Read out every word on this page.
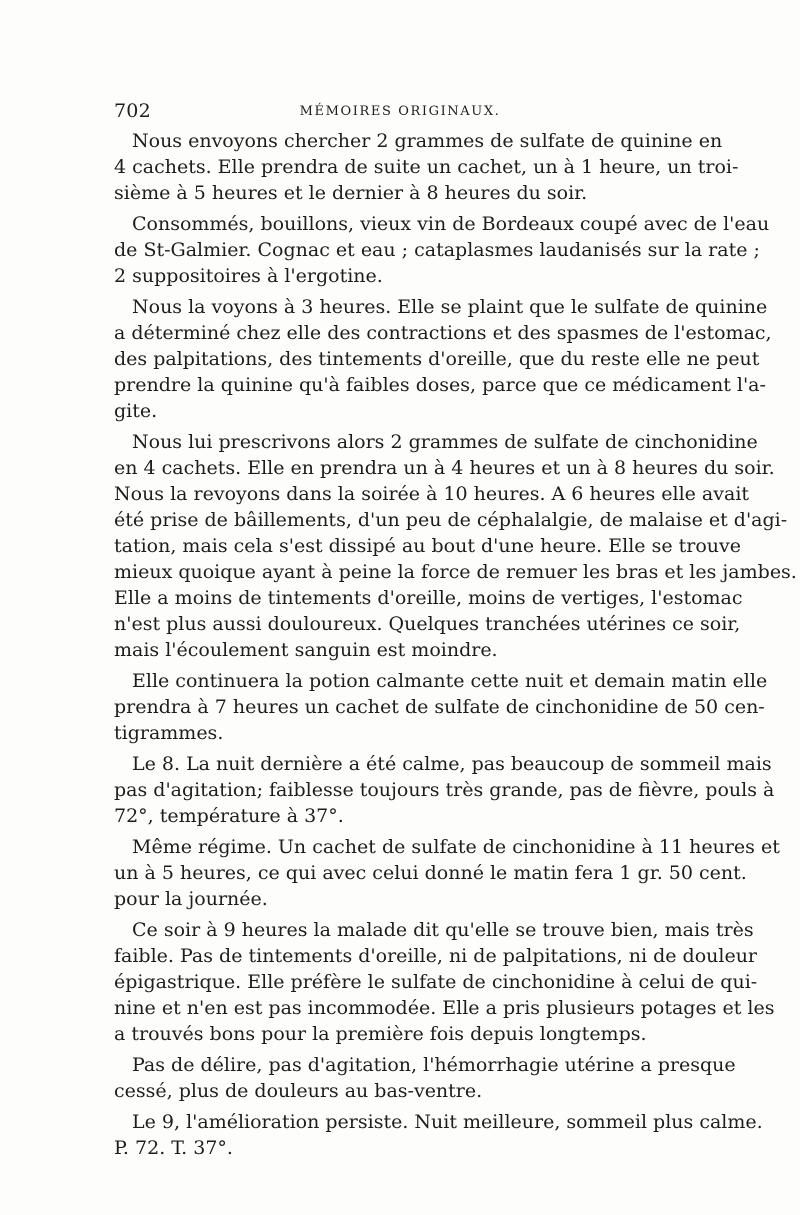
702	MÉMOIRES ORIGINAUX.
Nous envoyons chercher 2 grammes de sulfate de quinine en
4 cachets. Elle prendra de suite un cachet, un à 1 heure, un troi-
sième à 5 heures et le dernier à 8 heures du soir.
Consommés, bouillons, vieux vin de Bordeaux coupé avec de l'eau
de St-Galmier. Cognac et eau ; cataplasmes laudanisés sur la rate ;
2 suppositoires à l'ergotine.
Nous la voyons à 3 heures. Elle se plaint que le sulfate de quinine
a déterminé chez elle des contractions et des spasmes de l'estomac,
des palpitations, des tintements d'oreille, que du reste elle ne peut
prendre la quinine qu'à faibles doses, parce que ce médicament l'a-
gite.
Nous lui prescrivons alors 2 grammes de sulfate de cinchonidine
en 4 cachets. Elle en prendra un à 4 heures et un à 8 heures du soir.
Nous la revoyons dans la soirée à 10 heures. A 6 heures elle avait
été prise de bâillements, d'un peu de céphalalgie, de malaise et d'agi-
tation, mais cela s'est dissipé au bout d'une heure. Elle se trouve
mieux quoique ayant à peine la force de remuer les bras et les jambes.
Elle a moins de tintements d'oreille, moins de vertiges, l'estomac
n'est plus aussi douloureux. Quelques tranchées utérines ce soir,
mais l'écoulement sanguin est moindre.
Elle continuera la potion calmante cette nuit et demain matin elle
prendra à 7 heures un cachet de sulfate de cinchonidine de 50 cen-
tigrammes.
Le 8. La nuit dernière a été calme, pas beaucoup de sommeil mais
pas d'agitation; faiblesse toujours très grande, pas de fièvre, pouls à
72°, température à 37°.
Même régime. Un cachet de sulfate de cinchonidine à 11 heures et
un à 5 heures, ce qui avec celui donné le matin fera 1 gr. 50 cent.
pour la journée.
Ce soir à 9 heures la malade dit qu'elle se trouve bien, mais très
faible. Pas de tintements d'oreille, ni de palpitations, ni de douleur
épigastrique. Elle préfère le sulfate de cinchonidine à celui de qui-
nine et n'en est pas incommodée. Elle a pris plusieurs potages et les
a trouvés bons pour la première fois depuis longtemps.
Pas de délire, pas d'agitation, l'hémorrhagie utérine a presque
cessé, plus de douleurs au bas-ventre.
Le 9, l'amélioration persiste. Nuit meilleure, sommeil plus calme.
P. 72. T. 37°.
